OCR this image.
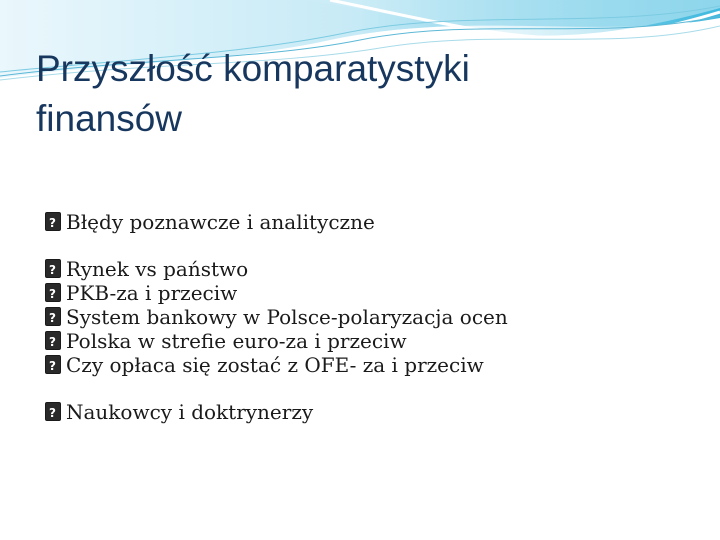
Przyszłość komparatystyki
finansów
?
Błędy poznawcze i analityczne
?
Rynek vs państwo
?
PKB-za i przeciw
?
System bankowy w Polsce-polaryzacja ocen
?
Polska w strefie euro-za i przeciw
?
Czy opłaca się zostać z OFE- za i przeciw
?
Naukowcy i doktrynerzy
